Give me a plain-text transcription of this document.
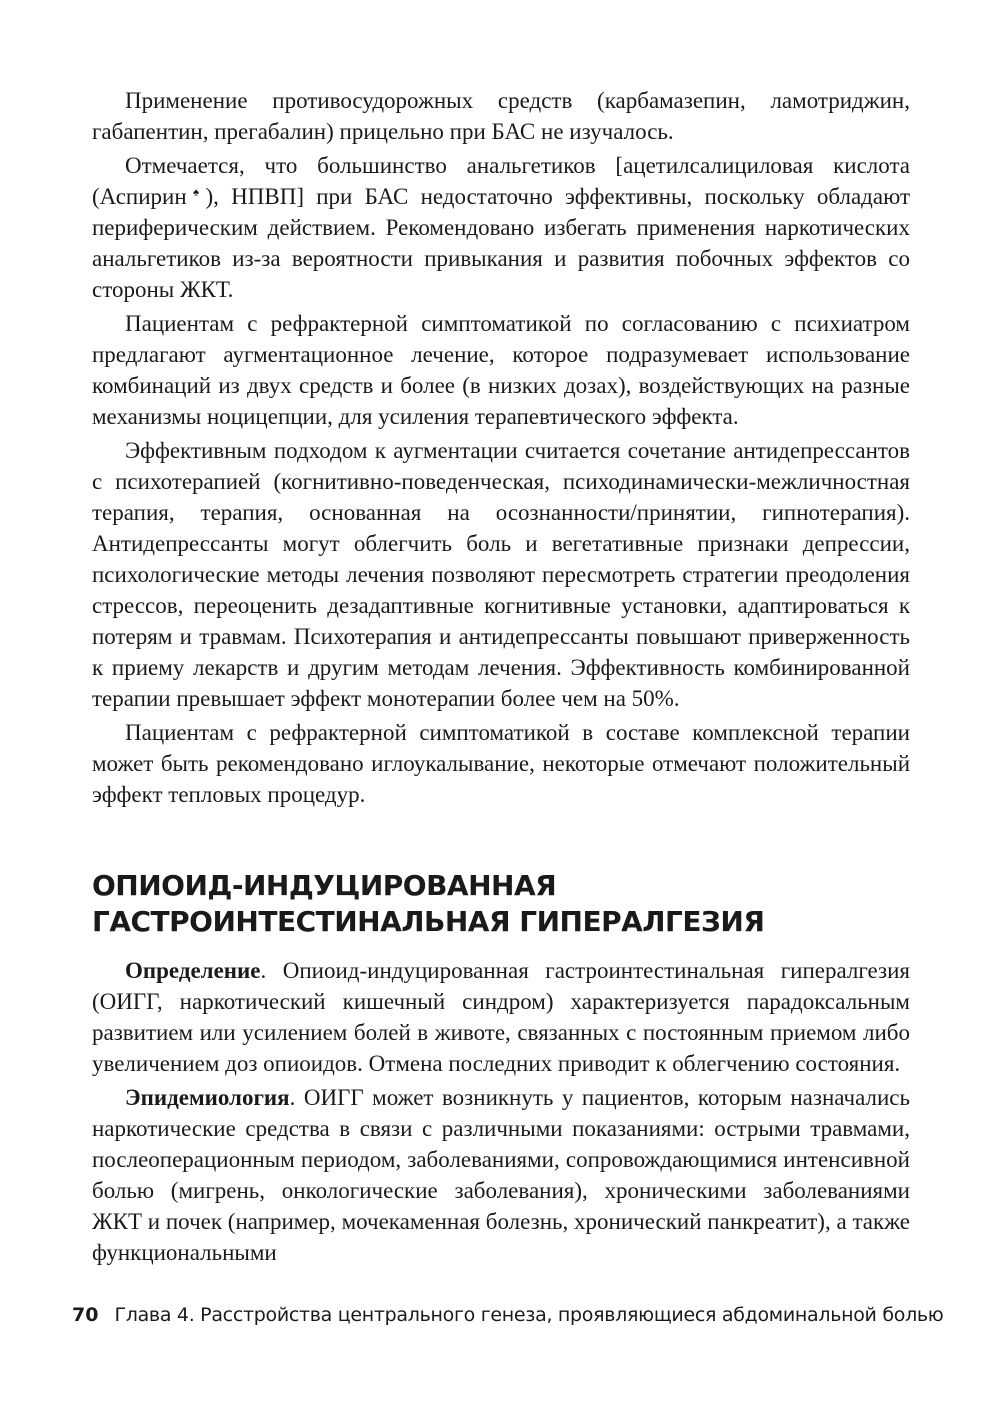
Применение противосудорожных средств (карбамазепин, ламотриджин, габапентин, прегабалин) прицельно при БАС не изучалось.

Отмечается, что большинство анальгетиков [ацетилсалициловая кислота (Аспирин♠), НПВП] при БАС недостаточно эффективны, поскольку обладают периферическим действием. Рекомендовано избегать применения наркотических анальгетиков из-за вероятности привыкания и развития побочных эффектов со стороны ЖКТ.

Пациентам с рефрактерной симптоматикой по согласованию с психиатром предлагают аугментационное лечение, которое подразумевает использование комбинаций из двух средств и более (в низких дозах), воздействующих на разные механизмы ноцицепции, для усиления терапевтического эффекта.

Эффективным подходом к аугментации считается сочетание антидепрессантов с психотерапией (когнитивно-поведенческая, психодинамически-межличностная терапия, терапия, основанная на осознанности/принятии, гипнотерапия). Антидепрессанты могут облегчить боль и вегетативные признаки депрессии, психологические методы лечения позволяют пересмотреть стратегии преодоления стрессов, переоценить дезадаптивные когнитивные установки, адаптироваться к потерям и травмам. Психотерапия и антидепрессанты повышают приверженность к приему лекарств и другим методам лечения. Эффективность комбинированной терапии превышает эффект монотерапии более чем на 50%.

Пациентам с рефрактерной симптоматикой в составе комплексной терапии может быть рекомендовано иглоукалывание, некоторые отмечают положительный эффект тепловых процедур.

ОПИОИД-ИНДУЦИРОВАННАЯ
ГАСТРОИНТЕСТИНАЛЬНАЯ ГИПЕРАЛГЕЗИЯ

Определение. Опиоид-индуцированная гастроинтестинальная гипералгезия (ОИГГ, наркотический кишечный синдром) характеризуется парадоксальным развитием или усилением болей в животе, связанных с постоянным приемом либо увеличением доз опиоидов. Отмена последних приводит к облегчению состояния.

Эпидемиология. ОИГГ может возникнуть у пациентов, которым назначались наркотические средства в связи с различными показаниями: острыми травмами, послеоперационным периодом, заболеваниями, сопровождающимися интенсивной болью (мигрень, онкологические заболевания), хроническими заболеваниями ЖКТ и почек (например, мочекаменная болезнь, хронический панкреатит), а также функциональными

70 Глава 4. Расстройства центрального генеза, проявляющиеся абдоминальной болью
